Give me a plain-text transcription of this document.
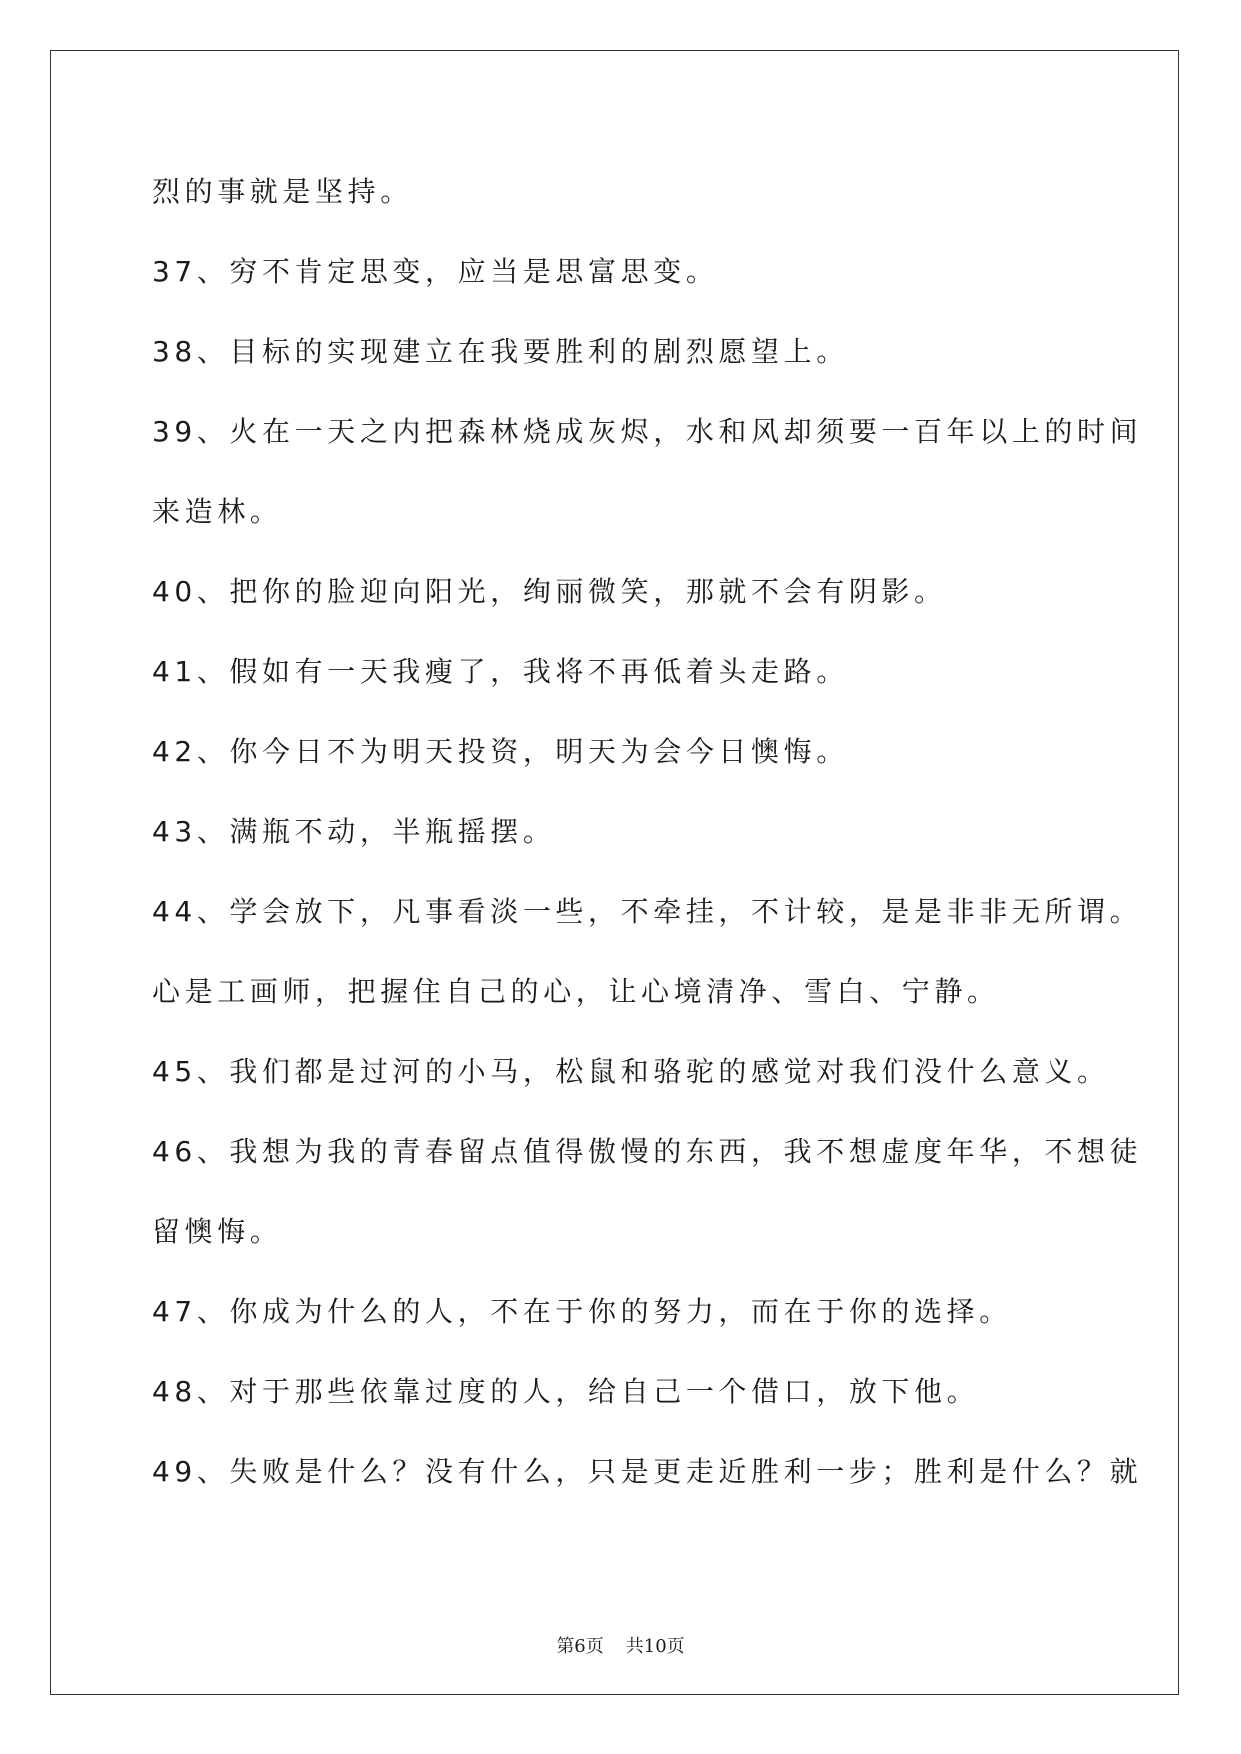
烈的事就是坚持。
37、穷不肯定思变，应当是思富思变。
38、目标的实现建立在我要胜利的剧烈愿望上。
39、火在一天之内把森林烧成灰烬，水和风却须要一百年以上的时间
来造林。
40、把你的脸迎向阳光，绚丽微笑，那就不会有阴影。
41、假如有一天我瘦了，我将不再低着头走路。
42、你今日不为明天投资，明天为会今日懊悔。
43、满瓶不动，半瓶摇摆。
44、学会放下，凡事看淡一些，不牵挂，不计较，是是非非无所谓。
心是工画师，把握住自己的心，让心境清净、雪白、宁静。
45、我们都是过河的小马，松鼠和骆驼的感觉对我们没什么意义。
46、我想为我的青春留点值得傲慢的东西，我不想虚度年华，不想徒
留懊悔。
47、你成为什么的人，不在于你的努力，而在于你的选择。
48、对于那些依靠过度的人，给自己一个借口，放下他。
49、失败是什么？没有什么，只是更走近胜利一步；胜利是什么？就
第6页 共10页
